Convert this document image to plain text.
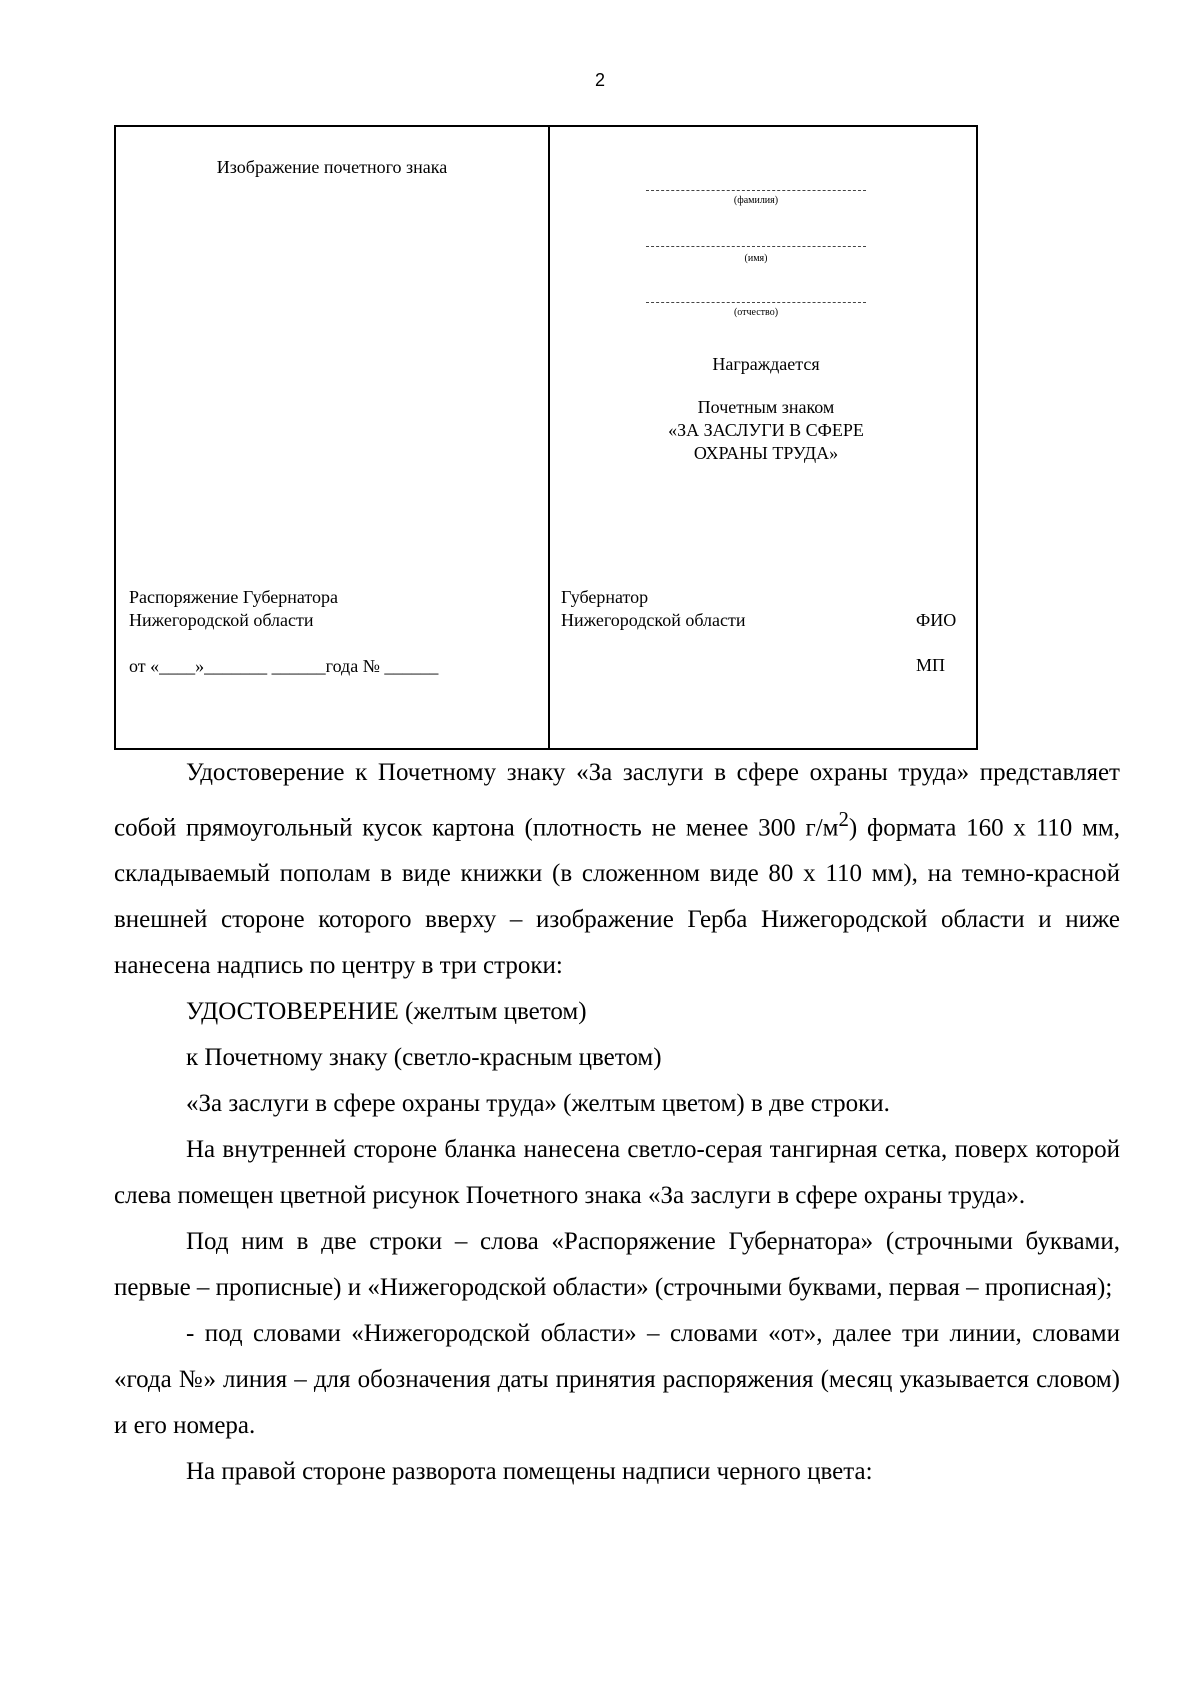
2
Изображение почетного знака
Распоряжение Губернатора
Нижегородской области
от «____»_______ ______года № ______
(фамилия)
(имя)
(отчество)
Награждается
Почетным знаком
«ЗА ЗАСЛУГИ В СФЕРЕ
ОХРАНЫ ТРУДА»
Губернатор
Нижегородской области	ФИО
МП

Удостоверение к Почетному знаку «За заслуги в сфере охраны труда» представляет собой прямоугольный кусок картона (плотность не менее 300 $г/м^2$) формата 160 х 110 мм, складываемый пополам в виде книжки (в сложенном виде 80 х 110 мм), на темно-красной внешней стороне которого вверху – изображение Герба Нижегородской области и ниже нанесена надпись по центру в три строки:

УДОСТОВЕРЕНИЕ (желтым цветом)

к Почетному знаку (светло-красным цветом)

«За заслуги в сфере охраны труда» (желтым цветом) в две строки.

На внутренней стороне бланка нанесена светло-серая тангирная сетка, поверх которой слева помещен цветной рисунок Почетного знака «За заслуги в сфере охраны труда».

Под ним в две строки – слова «Распоряжение Губернатора» (строчными буквами, первые – прописные) и «Нижегородской области» (строчными буквами, первая – прописная);

- под словами «Нижегородской области» – словами «от», далее три линии, словами «года №» линия – для обозначения даты принятия распоряжения (месяц указывается словом) и его номера.

На правой стороне разворота помещены надписи черного цвета:
